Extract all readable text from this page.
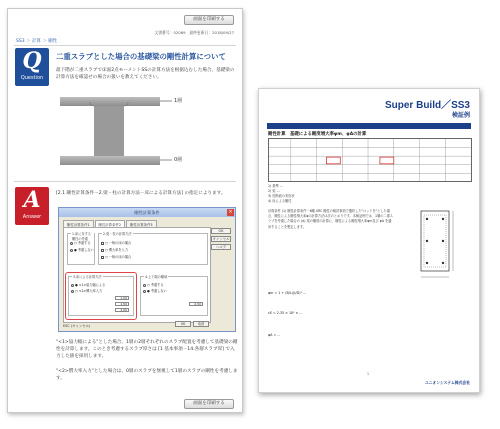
画面を印刷する
文書番号：02069　最終更新日：2018/09/27
SS3 ＞ 計算 ＞ 剛性
Q
Question
二重スラブとした場合の基礎梁の剛性計算について
最下階が二重スラブで床面2点モーメントSSの計算方法を根据込むした場合、基礎梁の計算方法を確認せの場合の扱いを教えてください。
1層
0層
A
Answer
[2.1 剛性計算条件－2.梁・柱の計算方法－床による計算方法] の指定によります。
剛性計算条件	×
剛性計算条件1	剛性計算条件2	剛性計算条件3
1.床に対する剛性の考慮
○ 考慮する
● 考慮しない
2.梁・柱の計算方法
○ 一般の床の場合
○ 慣大率を入力
○ 一般の床の場合
3.床による計算方法
● <1>協力幅による
○ <2>慣大率入力
1.00
1.50
2.00
4.上下端の剛域
○ 考慮する
● 考慮しない
0.50
OK
キャンセル
ヘルプ
ESC (キャンセル)	OK	取消
"<1>協力幅による"とした場合、1層の2層それぞれのスラブ配置を考慮して基礎梁の剛性を計算します。このとき考慮するスラブ厚さは [1 基本事項－14.各層スラブ厚] で入力した値を採用します。
"<2>慣大率入力"とした場合は、0層のスラブを無視して1層のスラブの剛性を考慮します。
画面を印刷する
Super Build／SS3
検証例
剛性計算　基礎による剛度増大率φm、φAの計算
1) 基準 …
2) 梁 …
3) 柱断面の実形状
4) 床による剛性
計算条件 (1) 剛性計算条件－6剛-SRC 剛性の検討事項で選択した"ロッドを"とした場合、剛性による剛性増大率φの計算方法は次のとおりです。本検証例では、1層の二重スラブを考慮した場合の (A) 梁の剛度の計算に、剛性による剛性増大率φm及び φA を適用することを想定します。
φm = 1 + (B/L)(t/D)³ ...
cE = 2.35 × 10⁵ × ...
φA = ...
1
ユニオンシステム株式会社
